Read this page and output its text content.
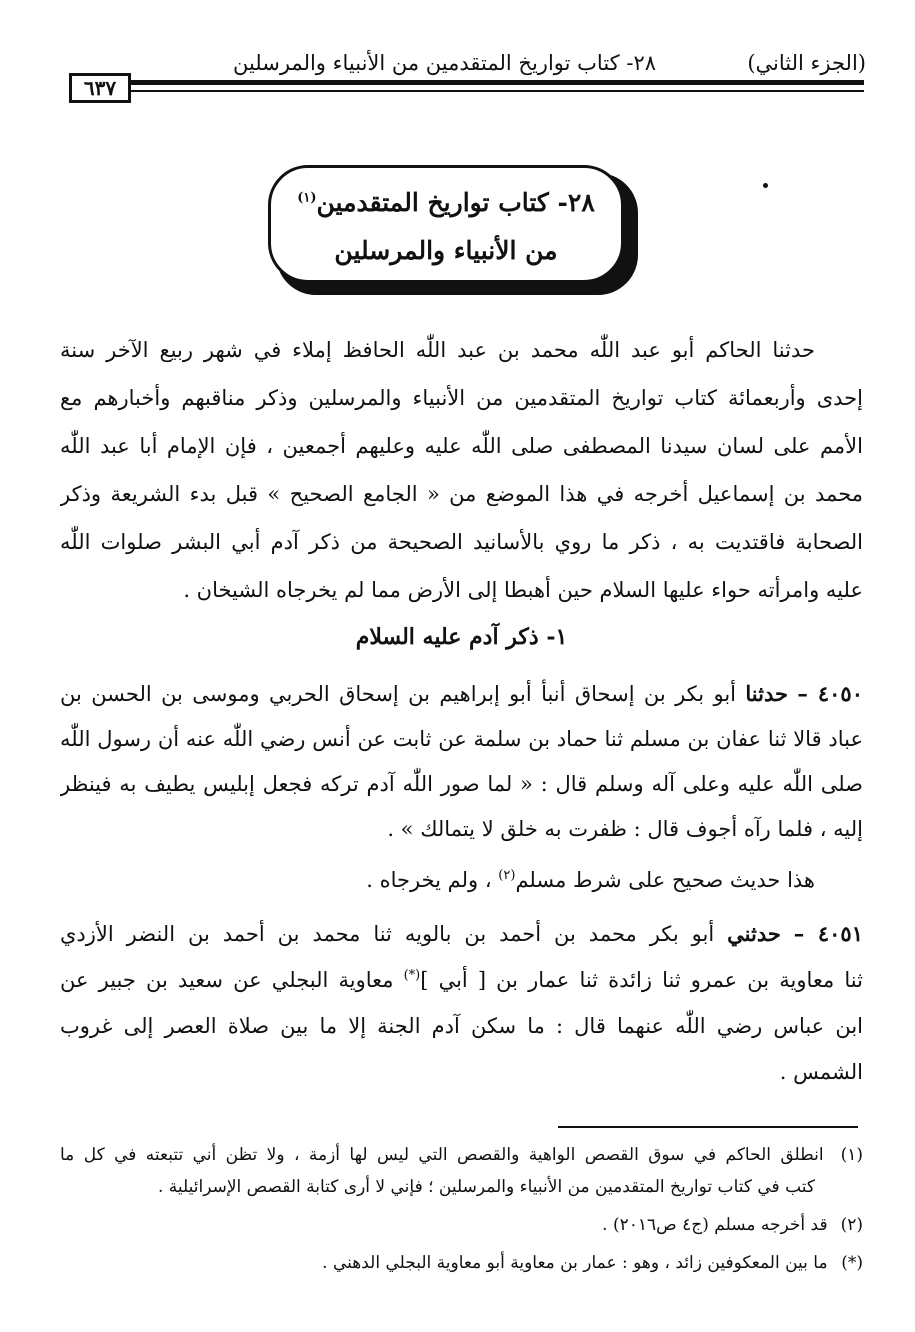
(الجزء الثاني)
٢٨- كتاب تواريخ المتقدمين من الأنبياء والمرسلين
٦٣٧
٢٨- كتاب تواريخ المتقدمين$^{(١)}$
من الأنبياء والمرسلين
حدثنا الحاكم أبو عبد اللّٰه محمد بن عبد اللّٰه الحافظ إملاء في شهر ربيع الآخر سنة
إحدى وأربعمائة كتاب تواريخ المتقدمين من الأنبياء والمرسلين وذكر مناقبهم وأخبارهم مع
الأمم على لسان سيدنا المصطفى صلى اللّٰه عليه وعليهم أجمعين ، فإن الإمام أبا عبد اللّٰه
محمد بن إسماعيل أخرجه في هذا الموضع من « الجامع الصحيح » قبل بدء الشريعة وذكر
الصحابة فاقتديت به ، ذكر ما روي بالأسانيد الصحيحة من ذكر آدم أبي البشر صلوات اللّٰه
عليه وامرأته حواء عليها السلام حين أهبطا إلى الأرض مما لم يخرجاه الشيخان .
١- ذكر آدم عليه السلام
٤٠٥٠ – حدثنا أبو بكر بن إسحاق أنبأ أبو إبراهيم بن إسحاق الحربي وموسى بن الحسن بن
عباد قالا ثنا عفان بن مسلم ثنا حماد بن سلمة عن ثابت عن أنس رضي اللّٰه عنه أن رسول اللّٰه
صلى اللّٰه عليه وعلى آله وسلم قال : « لما صور اللّٰه آدم تركه فجعل إبليس يطيف به فينظر
إليه ، فلما رآه أجوف قال : ظفرت به خلق لا يتمالك » .
هذا حديث صحيح على شرط مسلم$^{(٢)}$ ، ولم يخرجاه .
٤٠٥١ – حدثني أبو بكر محمد بن أحمد بن بالويه ثنا محمد بن أحمد بن النضر الأزدي
ثنا معاوية بن عمرو ثنا زائدة ثنا عمار بن [ أبي ](*) معاوية البجلي عن سعيد بن جبير عن
ابن عباس رضي اللّٰه عنهما قال : ما سكن آدم الجنة إلا ما بين صلاة العصر إلى غروب
الشمس .
(١) انطلق الحاكم في سوق القصص الواهية والقصص التي ليس لها أزمة ، ولا تظن أني تتبعته في كل ما
كتب في كتاب تواريخ المتقدمين من الأنبياء والمرسلين ؛ فإني لا أرى كتابة القصص الإسرائيلية .
(٢) قد أخرجه مسلم (ج٤ ص٢٠١٦) .
(*) ما بين المعكوفين زائد ، وهو : عمار بن معاوية أبو معاوية البجلي الدهني .
